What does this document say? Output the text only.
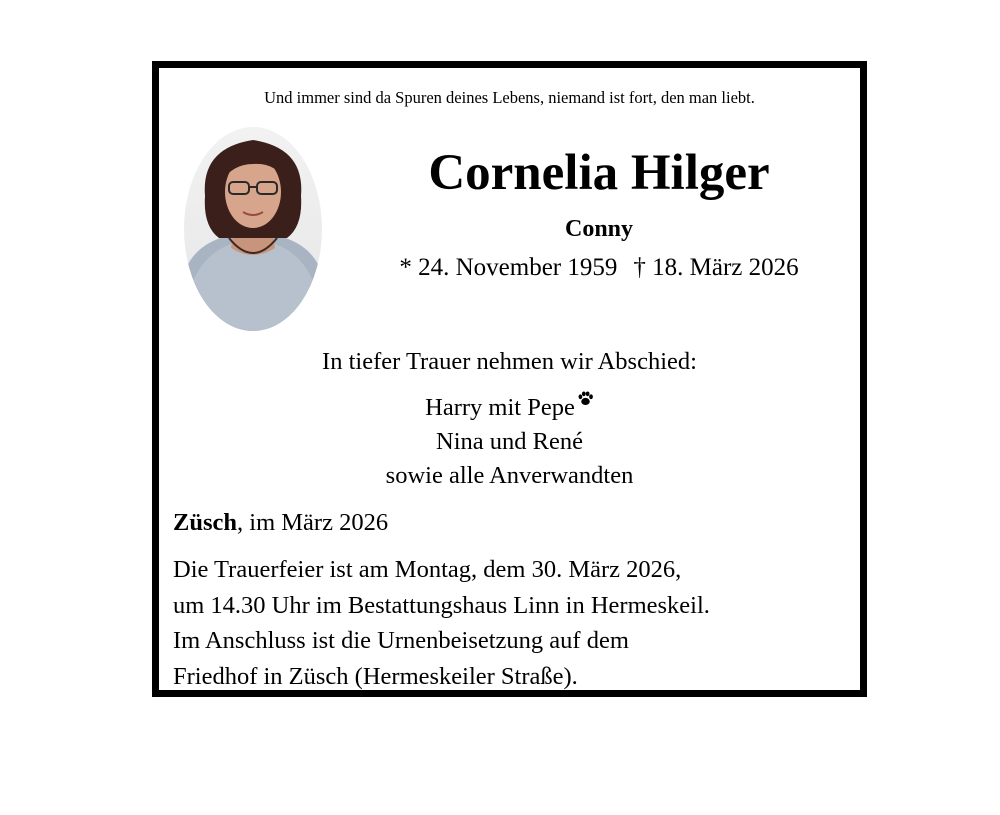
Und immer sind da Spuren deines Lebens, niemand ist fort, den man liebt.
Cornelia Hilger
Conny
* 24. November 1959 † 18. März 2026
In tiefer Trauer nehmen wir Abschied:
Harry mit Pepe
Nina und René
sowie alle Anverwandten
Züsch, im März 2026
Die Trauerfeier ist am Montag, dem 30. März 2026,
um 14.30 Uhr im Bestattungshaus Linn in Hermeskeil.
Im Anschluss ist die Urnenbeisetzung auf dem
Friedhof in Züsch (Hermeskeiler Straße).
